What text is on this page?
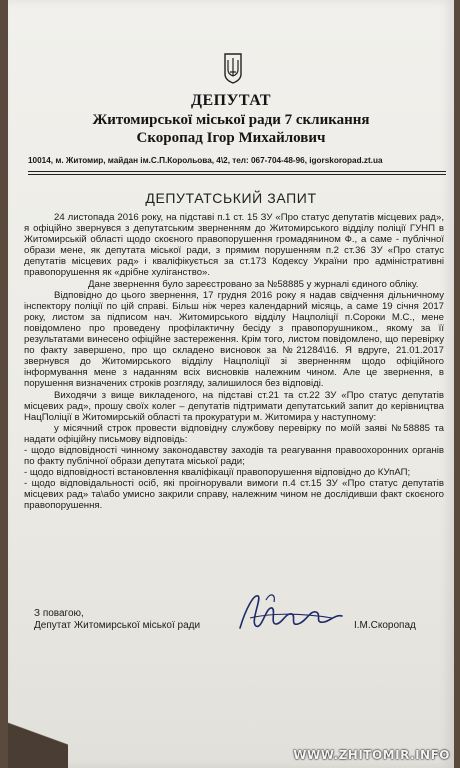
ДЕПУТАТ
Житомирської міської ради 7 скликання
Скоропад Ігор Михайлович
10014, м. Житомир, майдан ім.С.П.Корольова, 4\2, тел: 067-704-48-96, igorskoropad.zt.ua
ДЕПУТАТСЬКИЙ ЗАПИТ

24 листопада 2016 року, на підставі п.1 ст. 15 ЗУ «Про статус депутатів місцевих рад», я офіційно звернувся з депутатським зверненням до Житомирського відділу поліції ГУНП в Житомирській області щодо скоєного правопорушення громадянином Ф., а саме - публічної образи мене, як депутата міської ради, з прямим порушенням п.2 ст.36 ЗУ «Про статус депутатів місцевих рад» і кваліфікується за ст.173 Кодексу України про адміністративні правопорушення як «дрібне хуліганство».

Дане звернення було зареєстровано за №58885 у журналі єдиного обліку.

Відповідно до цього звернення, 17 грудня 2016 року я надав свідчення дільничному інспектору поліції по цій справі. Більш ніж через календарний місяць, а саме 19 січня 2017 року, листом за підписом нач. Житомирського відділу Нацполіції п.Сороки М.С., мене повідомлено про проведену профілактичну бесіду з правопорушником., якому за її результатами винесено офіційне застереження. Крім того, листом повідомлено, що перевірку по факту завершено, про що складено висновок за №21284\16. Я вдруге, 21.01.2017 звернувся до Житомирського відділу Нацполіції зі зверненням щодо офіційного інформування мене з наданням всіх висновків належним чином. Але це звернення, в порушення визначених строків розгляду, залишилося без відповіді.

Виходячи з вище викладеного, на підставі ст.21 та ст.22 ЗУ «Про статус депутатів місцевих рад», прошу своїх колег – депутатів підтримати депутатський запит до керівництва НацПоліції в Житомирській області та прокуратури м. Житомира у наступному:

у місячний строк провести відповідну службову перевірку по моїй заяві №58885 та надати офіційну письмову відповідь:

- щодо відповідності чинному законодавству заходів та реагування правоохоронних органів по факту публічної образи депутата міської ради;

- щодо відповідності встановлення кваліфікації правопорушення відповідно до КУпАП;

- щодо відповідальності осіб, які проігнорували вимоги п.4 ст.15 ЗУ «Про статус депутатів місцевих рад» та\або умисно закрили справу, належним чином не дослідивши факт скоєного правопорушення.

З повагою,
Депутат Житомирської міської ради	І.М.Скоропад
WWW.ZHITOMIR.INFO
